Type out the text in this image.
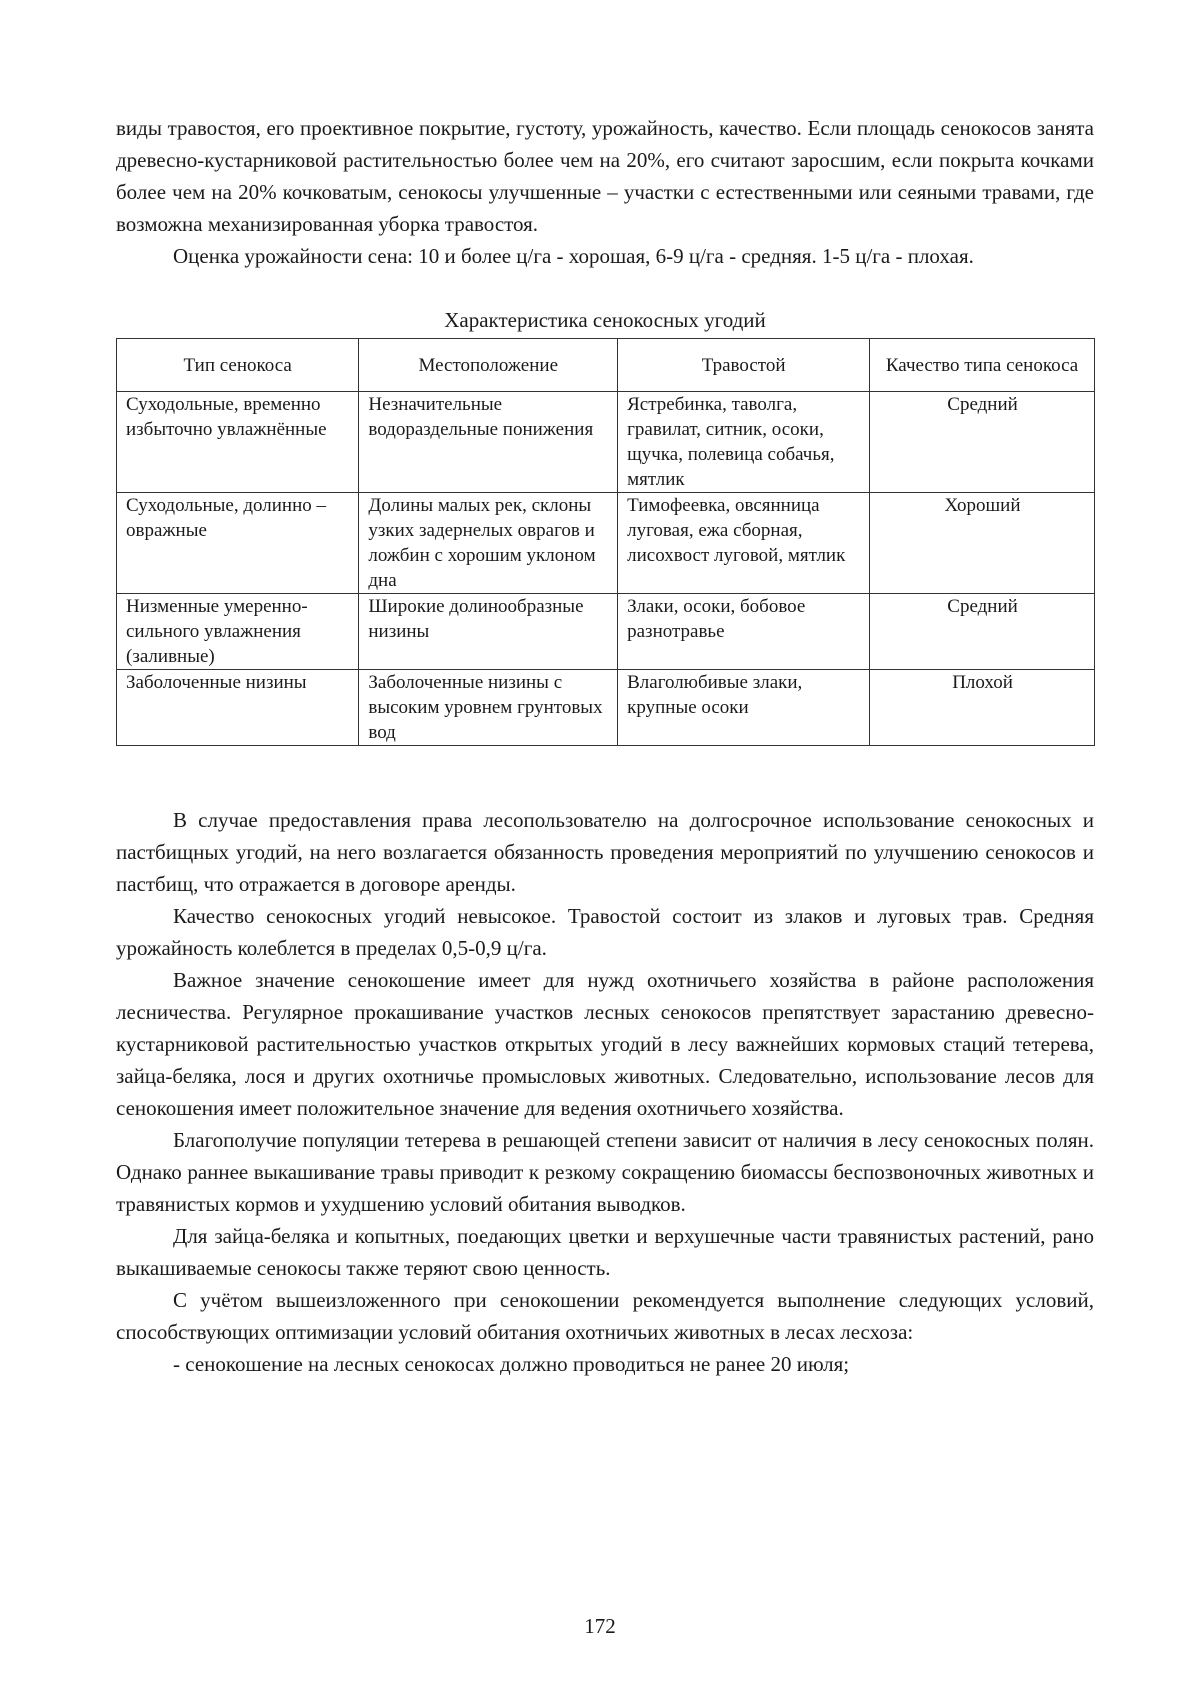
виды травостоя, его проективное покрытие, густоту, урожайность, качество. Если площадь сенокосов занята древесно-кустарниковой растительностью более чем на 20%, его считают заросшим, если покрыта кочками более чем на 20% кочковатым, сенокосы улучшенные – участки с естественными или сеяными травами, где возможна механизированная уборка травостоя.

Оценка урожайности сена: 10 и более ц/га - хорошая, 6-9 ц/га - средняя. 1-5 ц/га - плохая.

Характеристика сенокосных угодий
Тип сенокоса	Местоположение	Травостой	Качество типа сенокоса
Суходольные, временно избыточно увлажнённые	Незначительные водораздельные понижения	Ястребинка, таволга, гравилат, ситник, осоки, щучка, полевица собачья, мятлик	Средний
Суходольные, долинно – овражные	Долины малых рек, склоны узких задернелых оврагов и ложбин с хорошим уклоном дна	Тимофеевка, овсянница луговая, ежа сборная, лисохвост луговой, мятлик	Хороший
Низменные умеренно-сильного увлажнения (заливные)	Широкие долинообразные низины	Злаки, осоки, бобовое разнотравье	Средний
Заболоченные низины	Заболоченные низины с высоким уровнем грунтовых вод	Влаголюбивые злаки, крупные осоки	Плохой

В случае предоставления права лесопользователю на долгосрочное использование сенокосных и пастбищных угодий, на него возлагается обязанность проведения мероприятий по улучшению сенокосов и пастбищ, что отражается в договоре аренды.

Качество сенокосных угодий невысокое. Травостой состоит из злаков и луговых трав. Средняя урожайность колеблется в пределах 0,5-0,9 ц/га.

Важное значение сенокошение имеет для нужд охотничьего хозяйства в районе расположения лесничества. Регулярное прокашивание участков лесных сенокосов препятствует зарастанию древесно-кустарниковой растительностью участков открытых угодий в лесу важнейших кормовых стаций тетерева, зайца-беляка, лося и других охотничье промысловых животных. Следовательно, использование лесов для сенокошения имеет положительное значение для ведения охотничьего хозяйства.

Благополучие популяции тетерева в решающей степени зависит от наличия в лесу сенокосных полян. Однако раннее выкашивание травы приводит к резкому сокращению биомассы беспозвоночных животных и травянистых кормов и ухудшению условий обитания выводков.

Для зайца-беляка и копытных, поедающих цветки и верхушечные части травянистых растений, рано выкашиваемые сенокосы также теряют свою ценность.

С учётом вышеизложенного при сенокошении рекомендуется выполнение следующих условий, способствующих оптимизации условий обитания охотничьих животных в лесах лесхоза:

- сенокошение на лесных сенокосах должно проводиться не ранее 20 июля;

172
